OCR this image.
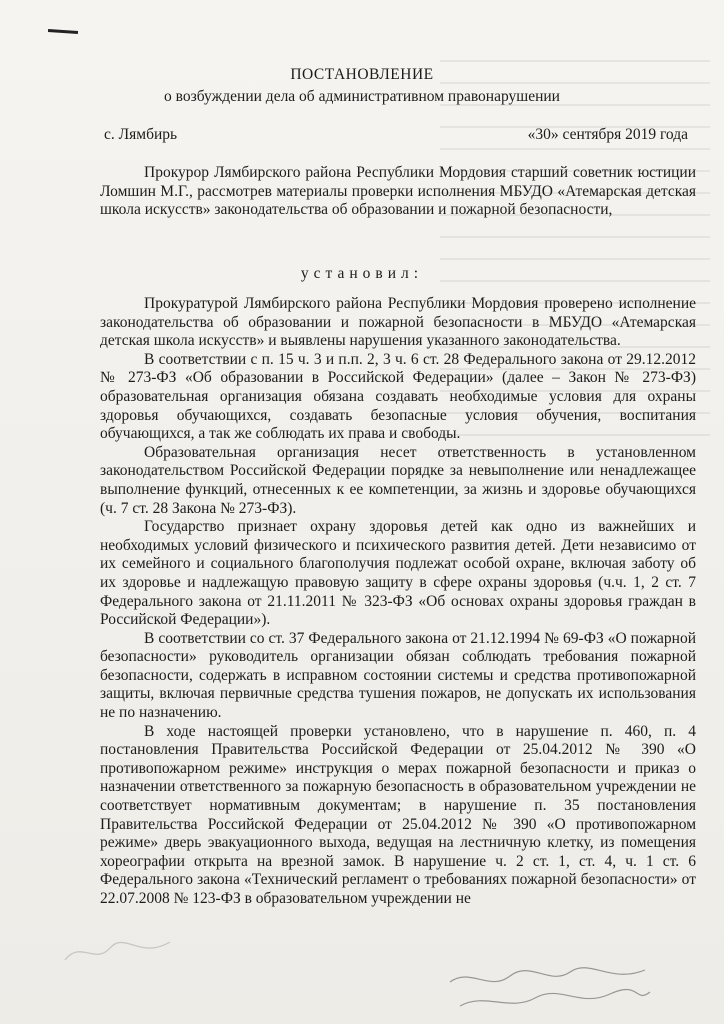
ПОСТАНОВЛЕНИЕ
о возбуждении дела об административном правонарушении
с. Лямбирь	«30» сентября 2019 года

Прокурор Лямбирского района Республики Мордовия старший советник юстиции Ломшин М.Г., рассмотрев материалы проверки исполнения МБУДО «Атемарская детская школа искусств» законодательства об образовании и пожарной безопасности,

установил:

Прокуратурой Лямбирского района Республики Мордовия проверено исполнение законодательства об образовании и пожарной безопасности в МБУДО «Атемарская детская школа искусств» и выявлены нарушения указанного законодательства.

В соответствии с п. 15 ч. 3 и п.п. 2, 3 ч. 6 ст. 28 Федерального закона от 29.12.2012 № 273-ФЗ «Об образовании в Российской Федерации» (далее – Закон № 273-ФЗ) образовательная организация обязана создавать необходимые условия для охраны здоровья обучающихся, создавать безопасные условия обучения, воспитания обучающихся, а так же соблюдать их права и свободы.

Образовательная организация несет ответственность в установленном законодательством Российской Федерации порядке за невыполнение или ненадлежащее выполнение функций, отнесенных к ее компетенции, за жизнь и здоровье обучающихся (ч. 7 ст. 28 Закона № 273-ФЗ).

Государство признает охрану здоровья детей как одно из важнейших и необходимых условий физического и психического развития детей. Дети независимо от их семейного и социального благополучия подлежат особой охране, включая заботу об их здоровье и надлежащую правовую защиту в сфере охраны здоровья (ч.ч. 1, 2 ст. 7 Федерального закона от 21.11.2011 № 323-ФЗ «Об основах охраны здоровья граждан в Российской Федерации»).

В соответствии со ст. 37 Федерального закона от 21.12.1994 № 69-ФЗ «О пожарной безопасности» руководитель организации обязан соблюдать требования пожарной безопасности, содержать в исправном состоянии системы и средства противопожарной защиты, включая первичные средства тушения пожаров, не допускать их использования не по назначению.

В ходе настоящей проверки установлено, что в нарушение п. 460, п. 4 постановления Правительства Российской Федерации от 25.04.2012 № 390 «О противопожарном режиме» инструкция о мерах пожарной безопасности и приказ о назначении ответственного за пожарную безопасность в образовательном учреждении не соответствует нормативным документам; в нарушение п. 35 постановления Правительства Российской Федерации от 25.04.2012 № 390 «О противопожарном режиме» дверь эвакуационного выхода, ведущая на лестничную клетку, из помещения хореографии открыта на врезной замок. В нарушение ч. 2 ст. 1, ст. 4, ч. 1 ст. 6 Федерального закона «Технический регламент о требованиях пожарной безопасности» от 22.07.2008 № 123-ФЗ в образовательном учреждении не
